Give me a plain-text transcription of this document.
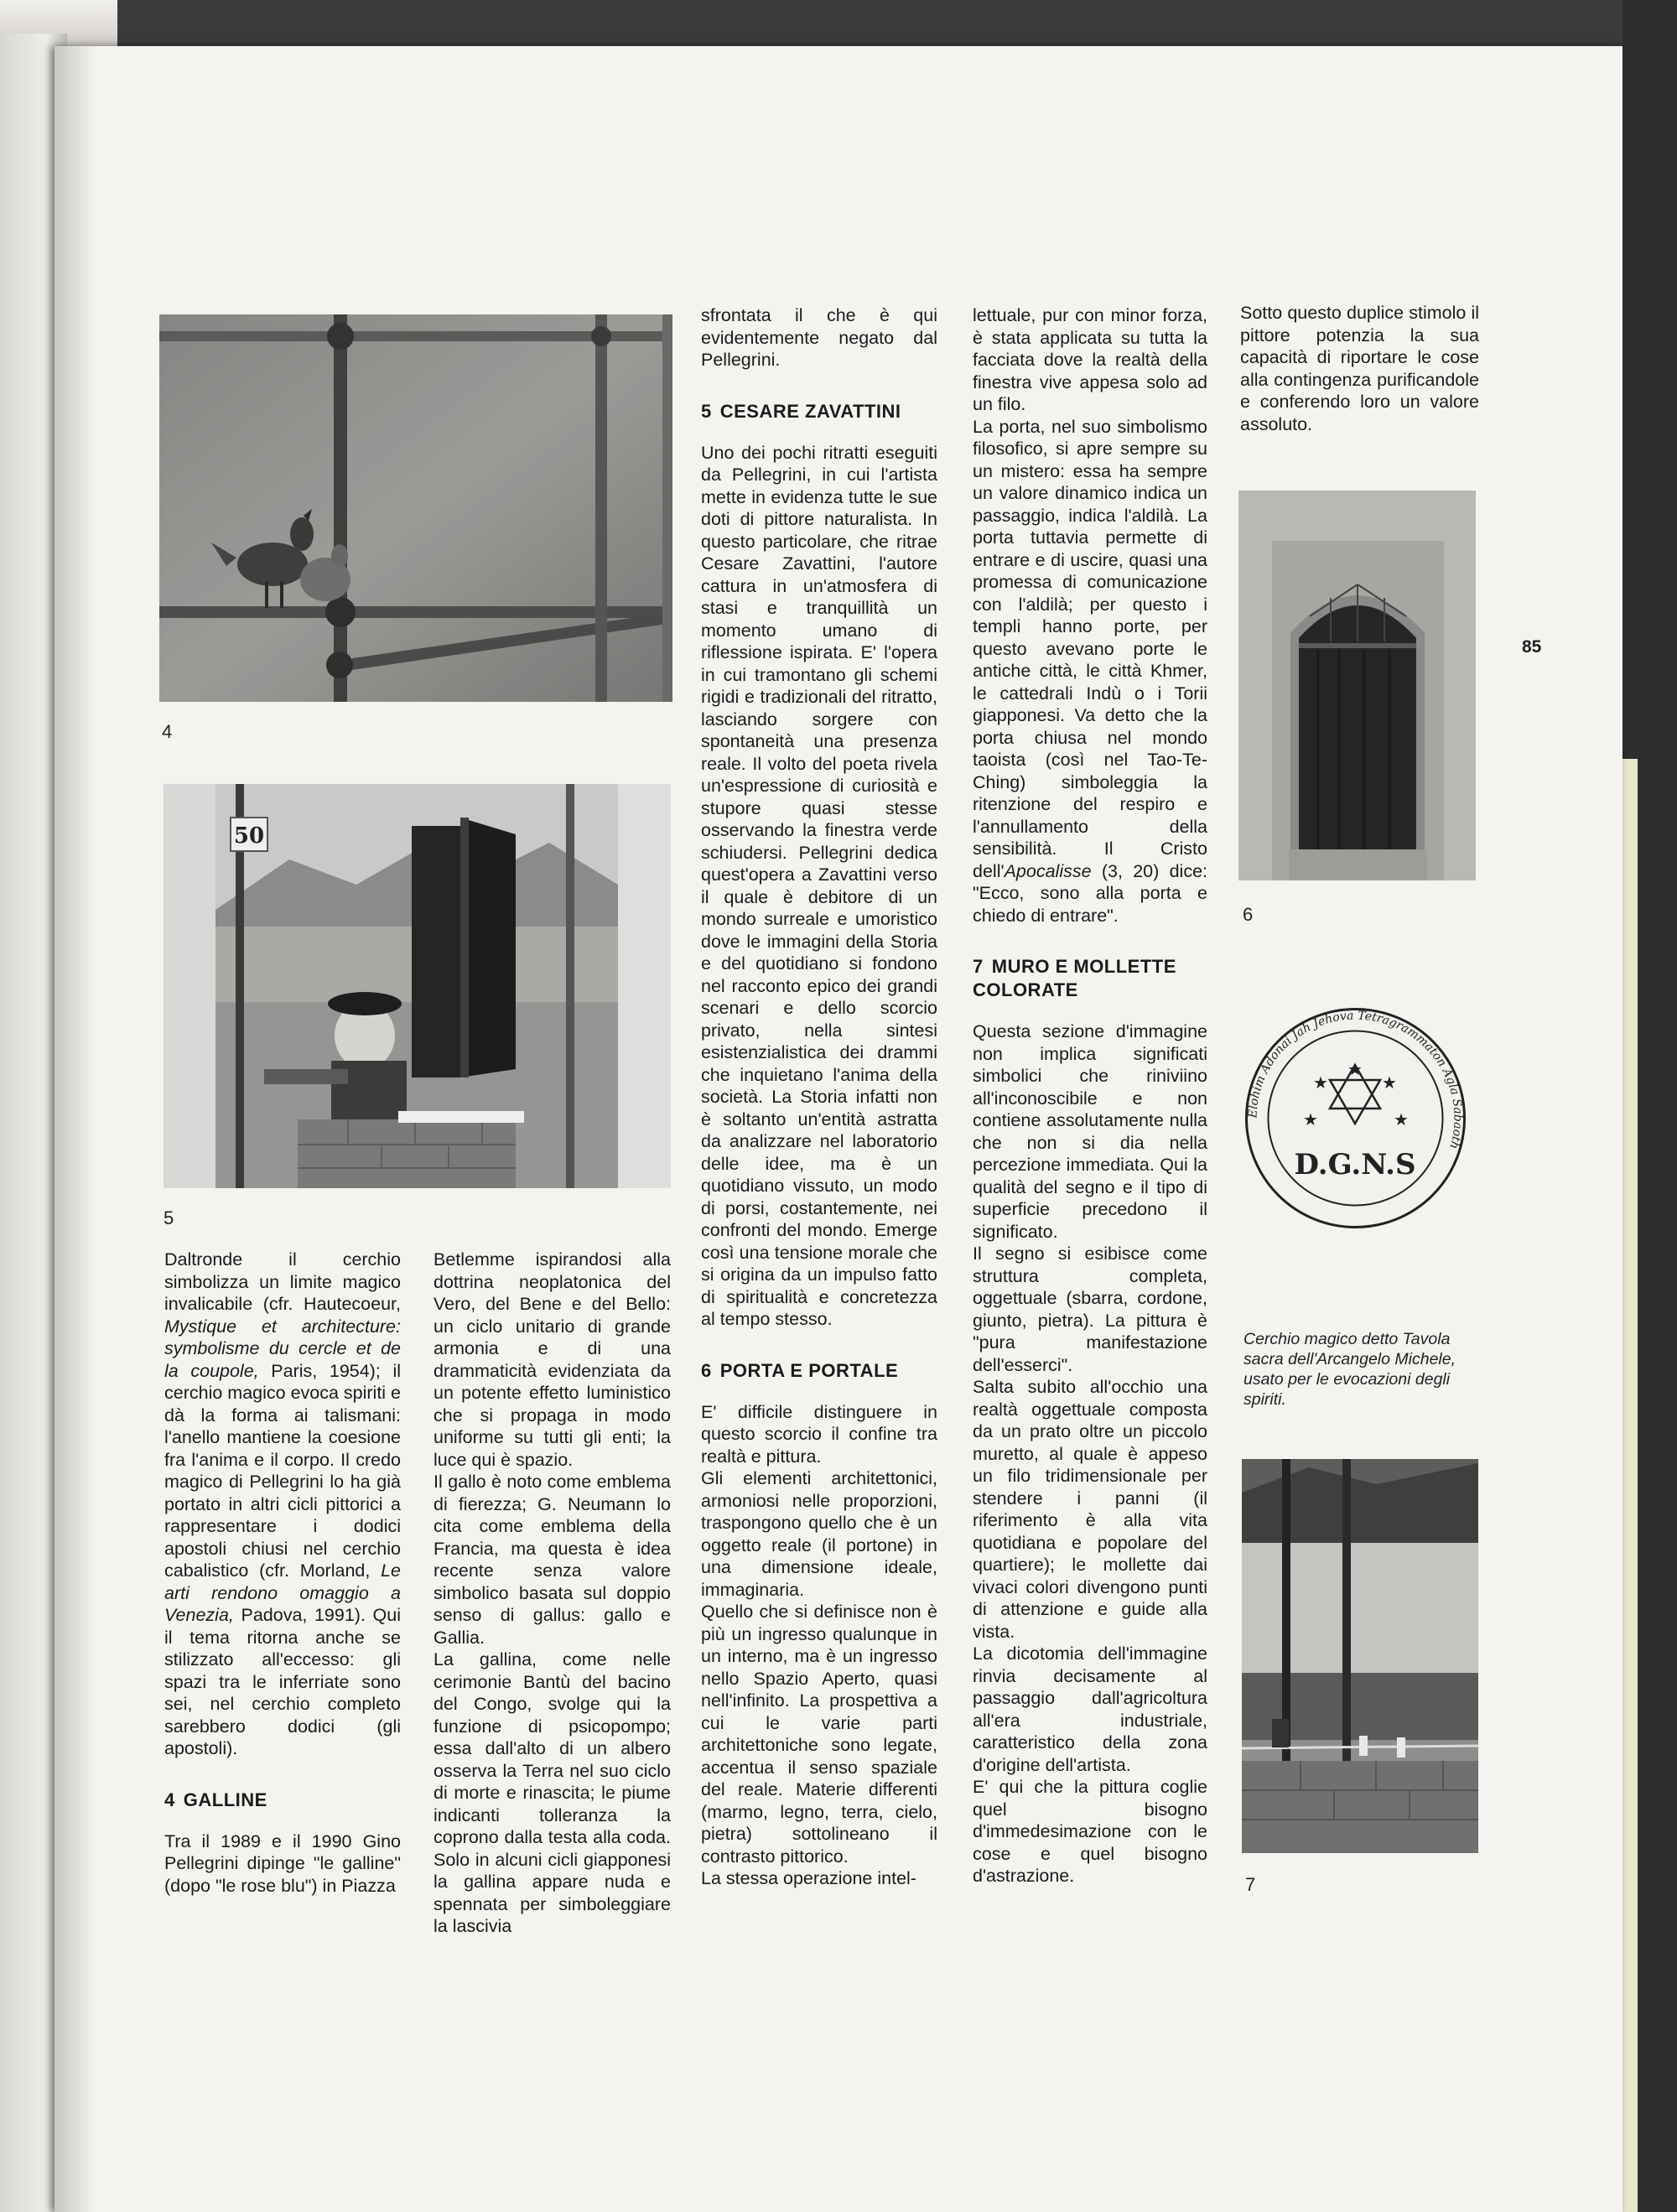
4
50
5
6
85
Elohim Adonai Jah Jehova Tetragrammaton Agla Sabaoth
★
★	★
★	★
D.G.N.S
Cerchio magico detto Tavola sacra dell'Arcangelo Michele, usato per le evocazioni degli spiriti.
7

Daltronde il cerchio simbolizza un limite magico invalicabile (cfr. Hautecoeur, Mystique et architecture: symbolisme du cercle et de la coupole, Paris, 1954); il cerchio magico evoca spiriti e dà la forma ai talismani: l'anello mantiene la coesione fra l'anima e il corpo. Il credo magico di Pellegrini lo ha già portato in altri cicli pittorici a rappresentare i dodici apostoli chiusi nel cerchio cabalistico (cfr. Morland, Le arti rendono omaggio a Venezia, Padova, 1991). Qui il tema ritorna anche se stilizzato all'eccesso: gli spazi tra le inferriate sono sei, nel cerchio completo sarebbero dodici (gli apostoli).

4 GALLINE

Tra il 1989 e il 1990 Gino Pellegrini dipinge "le galline" (dopo "le rose blu") in Piazza

Betlemme ispirandosi alla dottrina neoplatonica del Vero, del Bene e del Bello: un ciclo unitario di grande armonia e di una drammaticità evidenziata da un potente effetto luministico che si propaga in modo uniforme su tutti gli enti; la luce qui è spazio.

Il gallo è noto come emblema di fierezza; G. Neumann lo cita come emblema della Francia, ma questa è idea recente senza valore simbolico basata sul doppio senso di gallus: gallo e Gallia.

La gallina, come nelle cerimonie Bantù del bacino del Congo, svolge qui la funzione di psicopompo; essa dall'alto di un albero osserva la Terra nel suo ciclo di morte e rinascita; le piume indicanti tolleranza la coprono dalla testa alla coda. Solo in alcuni cicli giapponesi la gallina appare nuda e spennata per simboleggiare la lascivia

sfrontata il che è qui evidentemente negato dal Pellegrini.

5 CESARE ZAVATTINI

Uno dei pochi ritratti eseguiti da Pellegrini, in cui l'artista mette in evidenza tutte le sue doti di pittore naturalista. In questo particolare, che ritrae Cesare Zavattini, l'autore cattura in un'atmosfera di stasi e tranquillità un momento umano di riflessione ispirata. E' l'opera in cui tramontano gli schemi rigidi e tradizionali del ritratto, lasciando sorgere con spontaneità una presenza reale. Il volto del poeta rivela un'espressione di curiosità e stupore quasi stesse osservando la finestra verde schiudersi. Pellegrini dedica quest'opera a Zavattini verso il quale è debitore di un mondo surreale e umoristico dove le immagini della Storia e del quotidiano si fondono nel racconto epico dei grandi scenari e dello scorcio privato, nella sintesi esistenzialistica dei drammi che inquietano l'anima della società. La Storia infatti non è soltanto un'entità astratta da analizzare nel laboratorio delle idee, ma è un quotidiano vissuto, un modo di porsi, costantemente, nei confronti del mondo. Emerge così una tensione morale che si origina da un impulso fatto di spiritualità e concretezza al tempo stesso.

6 PORTA E PORTALE

E' difficile distinguere in questo scorcio il confine tra realtà e pittura.

Gli elementi architettonici, armoniosi nelle proporzioni, traspongono quello che è un oggetto reale (il portone) in una dimensione ideale, immaginaria.

Quello che si definisce non è più un ingresso qualunque in un interno, ma è un ingresso nello Spazio Aperto, quasi nell'infinito. La prospettiva a cui le varie parti architettoniche sono legate, accentua il senso spaziale del reale. Materie differenti (marmo, legno, terra, cielo, pietra) sottolineano il contrasto pittorico.

La stessa operazione intel-

lettuale, pur con minor forza, è stata applicata su tutta la facciata dove la realtà della finestra vive appesa solo ad un filo.

La porta, nel suo simbolismo filosofico, si apre sempre su un mistero: essa ha sempre un valore dinamico indica un passaggio, indica l'aldilà. La porta tuttavia permette di entrare e di uscire, quasi una promessa di comunicazione con l'aldilà; per questo i templi hanno porte, per questo avevano porte le antiche città, le città Khmer, le cattedrali Indù o i Torii giapponesi. Va detto che la porta chiusa nel mondo taoista (così nel Tao-Te-Ching) simboleggia la ritenzione del respiro e l'annullamento della sensibilità. Il Cristo dell'Apocalisse (3, 20) dice: "Ecco, sono alla porta e chiedo di entrare".

7 MURO E MOLLETTE COLORATE

Questa sezione d'immagine non implica significati simbolici che riniviino all'inconoscibile e non contiene assolutamente nulla che non si dia nella percezione immediata. Qui la qualità del segno e il tipo di superficie precedono il significato.

Il segno si esibisce come struttura completa, oggettuale (sbarra, cordone, giunto, pietra). La pittura è "pura manifestazione dell'esserci".

Salta subito all'occhio una realtà oggettuale composta da un prato oltre un piccolo muretto, al quale è appeso un filo tridimensionale per stendere i panni (il riferimento è alla vita quotidiana e popolare del quartiere); le mollette dai vivaci colori divengono punti di attenzione e guide alla vista.

La dicotomia dell'immagine rinvia decisamente al passaggio dall'agricoltura all'era industriale, caratteristico della zona d'origine dell'artista.

E' qui che la pittura coglie quel bisogno d'immedesimazione con le cose e quel bisogno d'astrazione.

Sotto questo duplice stimolo il pittore potenzia la sua capacità di riportare le cose alla contingenza purificandole e conferendo loro un valore assoluto.
